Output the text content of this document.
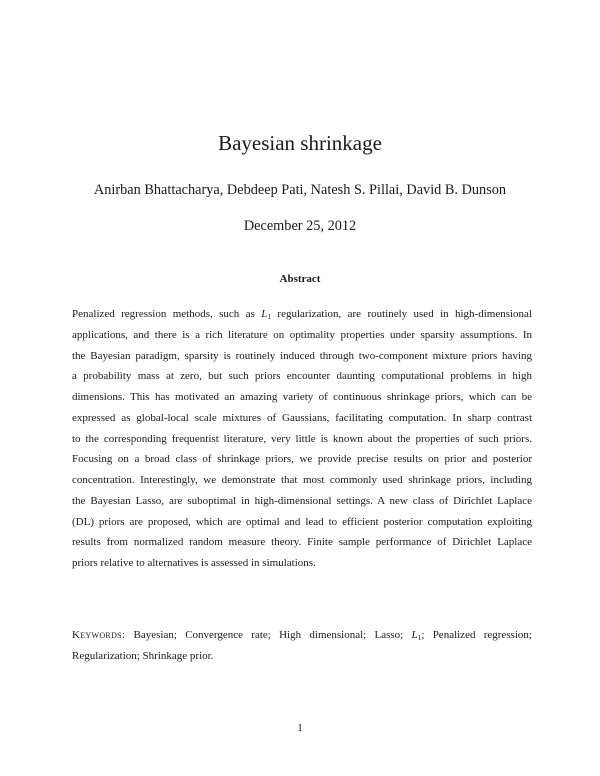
Bayesian shrinkage
Anirban Bhattacharya, Debdeep Pati, Natesh S. Pillai, David B. Dunson
December 25, 2012
Abstract
Penalized regression methods, such as $L_1$ regularization, are routinely used in high-dimensional
applications, and there is a rich literature on optimality properties under sparsity assumptions. In
the Bayesian paradigm, sparsity is routinely induced through two-component mixture priors having
a probability mass at zero, but such priors encounter daunting computational problems in high
dimensions. This has motivated an amazing variety of continuous shrinkage priors, which can be
expressed as global-local scale mixtures of Gaussians, facilitating computation. In sharp contrast
to the corresponding frequentist literature, very little is known about the properties of such priors.
Focusing on a broad class of shrinkage priors, we provide precise results on prior and posterior
concentration. Interestingly, we demonstrate that most commonly used shrinkage priors, including
the Bayesian Lasso, are suboptimal in high-dimensional settings. A new class of Dirichlet Laplace
(DL) priors are proposed, which are optimal and lead to efficient posterior computation exploiting
results from normalized random measure theory. Finite sample performance of Dirichlet Laplace
priors relative to alternatives is assessed in simulations.
Keywords: Bayesian; Convergence rate; High dimensional; Lasso; $L_1$; Penalized regression;
Regularization; Shrinkage prior.
1
